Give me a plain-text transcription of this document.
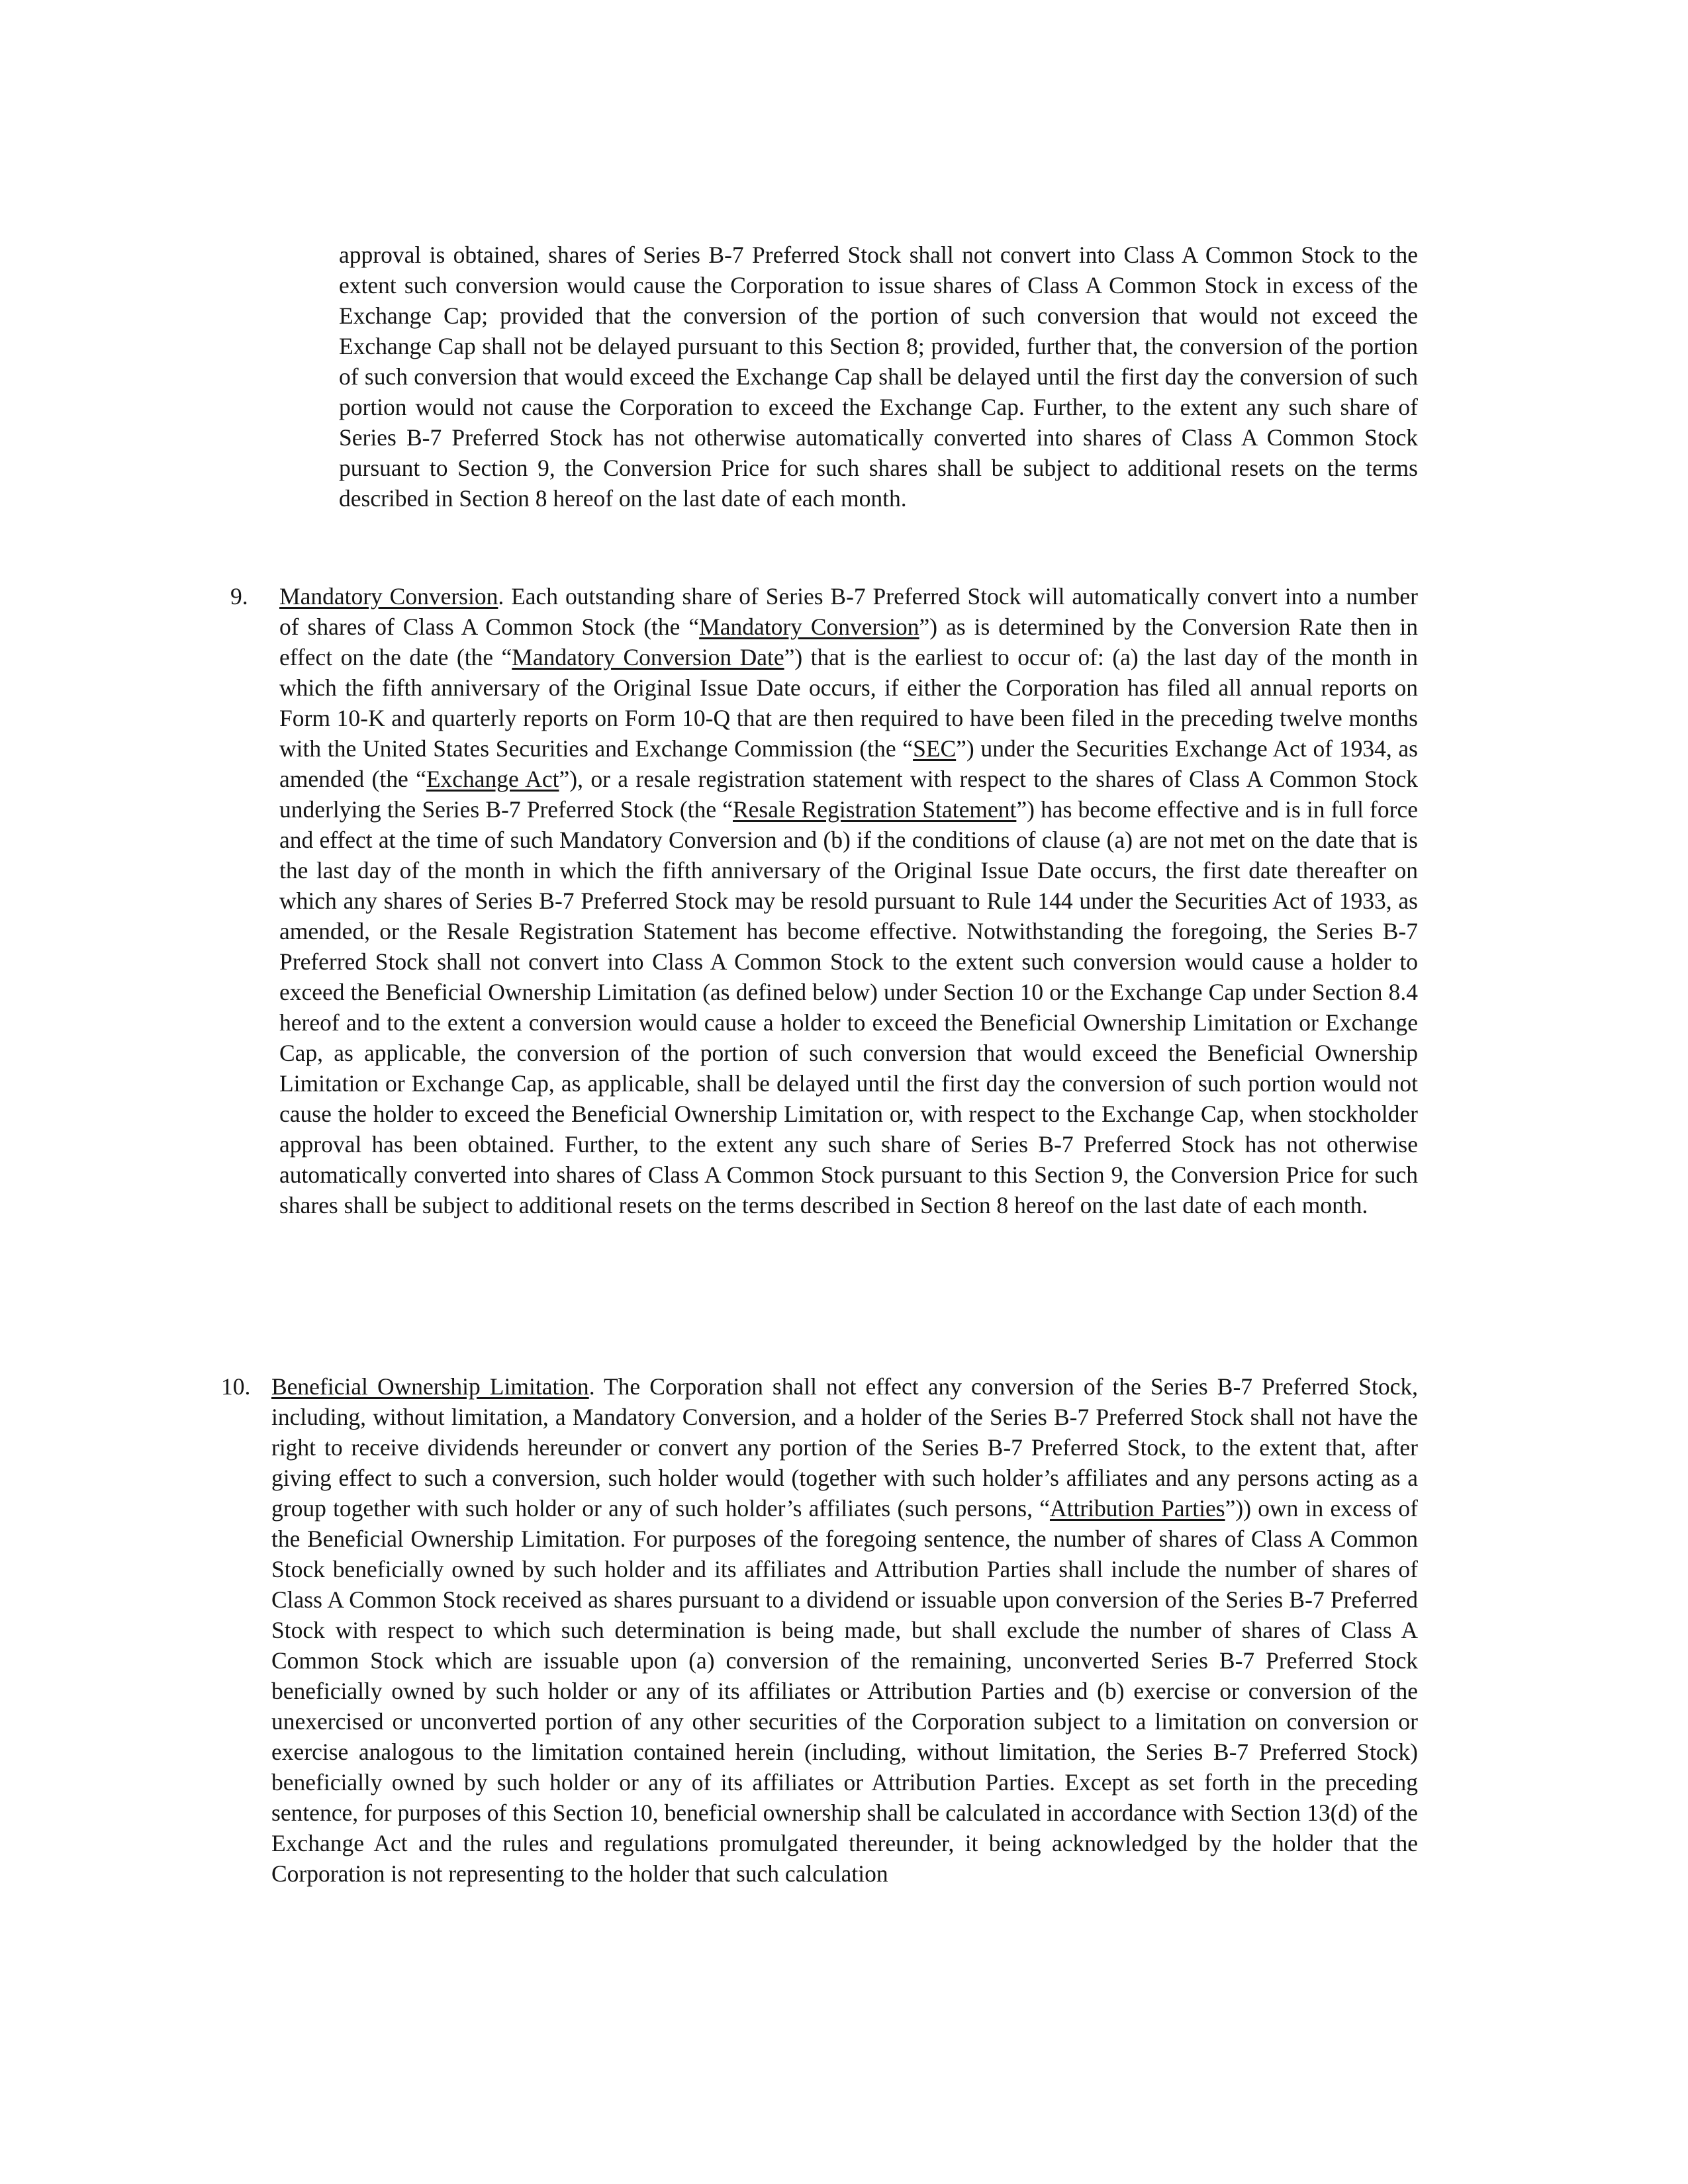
approval is obtained, shares of Series B-7 Preferred Stock shall not convert into Class A Common Stock to the extent such conversion would cause the Corporation to issue shares of Class A Common Stock in excess of the Exchange Cap; provided that the conversion of the portion of such conversion that would not exceed the Exchange Cap shall not be delayed pursuant to this Section 8; provided, further that, the conversion of the portion of such conversion that would exceed the Exchange Cap shall be delayed until the first day the conversion of such portion would not cause the Corporation to exceed the Exchange Cap. Further, to the extent any such share of Series B-7 Preferred Stock has not otherwise automatically converted into shares of Class A Common Stock pursuant to Section 9, the Conversion Price for such shares shall be subject to additional resets on the terms described in Section 8 hereof on the last date of each month.

9. Mandatory Conversion. Each outstanding share of Series B-7 Preferred Stock will automatically convert into a number of shares of Class A Common Stock (the “Mandatory Conversion”) as is determined by the Conversion Rate then in effect on the date (the “Mandatory Conversion Date”) that is the earliest to occur of: (a) the last day of the month in which the fifth anniversary of the Original Issue Date occurs, if either the Corporation has filed all annual reports on Form 10-K and quarterly reports on Form 10-Q that are then required to have been filed in the preceding twelve months with the United States Securities and Exchange Commission (the “SEC”) under the Securities Exchange Act of 1934, as amended (the “Exchange Act”), or a resale registration statement with respect to the shares of Class A Common Stock underlying the Series B-7 Preferred Stock (the “Resale Registration Statement”) has become effective and is in full force and effect at the time of such Mandatory Conversion and (b) if the conditions of clause (a) are not met on the date that is the last day of the month in which the fifth anniversary of the Original Issue Date occurs, the first date thereafter on which any shares of Series B-7 Preferred Stock may be resold pursuant to Rule 144 under the Securities Act of 1933, as amended, or the Resale Registration Statement has become effective. Notwithstanding the foregoing, the Series B-7 Preferred Stock shall not convert into Class A Common Stock to the extent such conversion would cause a holder to exceed the Beneficial Ownership Limitation (as defined below) under Section 10 or the Exchange Cap under Section 8.4 hereof and to the extent a conversion would cause a holder to exceed the Beneficial Ownership Limitation or Exchange Cap, as applicable, the conversion of the portion of such conversion that would exceed the Beneficial Ownership Limitation or Exchange Cap, as applicable, shall be delayed until the first day the conversion of such portion would not cause the holder to exceed the Beneficial Ownership Limitation or, with respect to the Exchange Cap, when stockholder approval has been obtained. Further, to the extent any such share of Series B-7 Preferred Stock has not otherwise automatically converted into shares of Class A Common Stock pursuant to this Section 9, the Conversion Price for such shares shall be subject to additional resets on the terms described in Section 8 hereof on the last date of each month.

10. Beneficial Ownership Limitation. The Corporation shall not effect any conversion of the Series B-7 Preferred Stock, including, without limitation, a Mandatory Conversion, and a holder of the Series B-7 Preferred Stock shall not have the right to receive dividends hereunder or convert any portion of the Series B-7 Preferred Stock, to the extent that, after giving effect to such a conversion, such holder would (together with such holder’s affiliates and any persons acting as a group together with such holder or any of such holder’s affiliates (such persons, “Attribution Parties”)) own in excess of the Beneficial Ownership Limitation. For purposes of the foregoing sentence, the number of shares of Class A Common Stock beneficially owned by such holder and its affiliates and Attribution Parties shall include the number of shares of Class A Common Stock received as shares pursuant to a dividend or issuable upon conversion of the Series B-7 Preferred Stock with respect to which such determination is being made, but shall exclude the number of shares of Class A Common Stock which are issuable upon (a) conversion of the remaining, unconverted Series B-7 Preferred Stock beneficially owned by such holder or any of its affiliates or Attribution Parties and (b) exercise or conversion of the unexercised or unconverted portion of any other securities of the Corporation subject to a limitation on conversion or exercise analogous to the limitation contained herein (including, without limitation, the Series B-7 Preferred Stock) beneficially owned by such holder or any of its affiliates or Attribution Parties. Except as set forth in the preceding sentence, for purposes of this Section 10, beneficial ownership shall be calculated in accordance with Section 13(d) of the Exchange Act and the rules and regulations promulgated thereunder, it being acknowledged by the holder that the Corporation is not representing to the holder that such calculation
